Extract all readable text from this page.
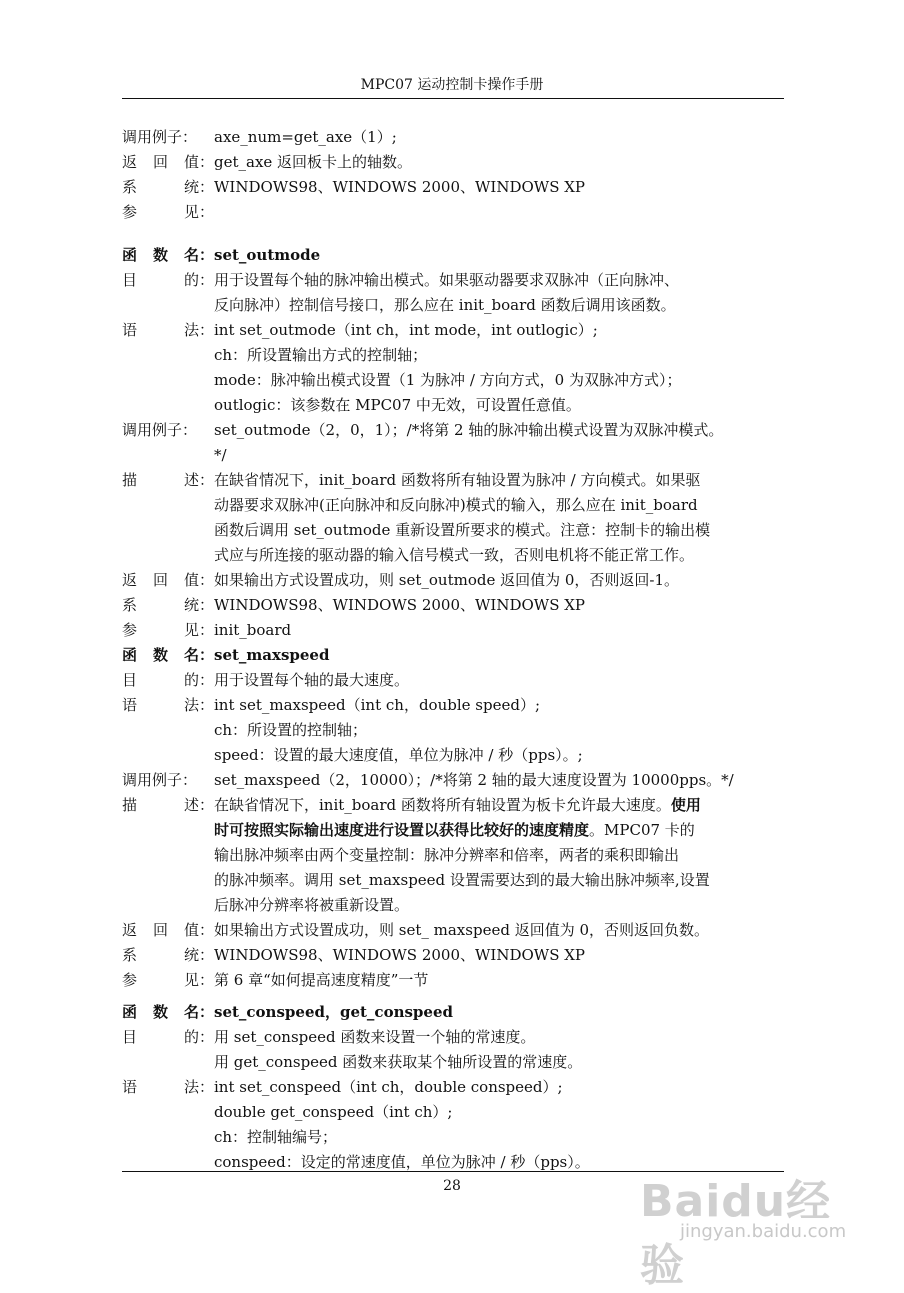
MPC07 运动控制卡操作手册
调用例子： axe_num=get_axe（1）;
返 回 值： get_axe 返回板卡上的轴数。
系	统： WINDOWS98、WINDOWS 2000、WINDOWS XP
参	见：
函 数 名： set_outmode
目	的： 用于设置每个轴的脉冲输出模式。如果驱动器要求双脉冲（正向脉冲、
反向脉冲）控制信号接口，那么应在 init_board 函数后调用该函数。
语	法： int set_outmode（int ch，int mode，int outlogic）;
ch：所设置输出方式的控制轴；
mode：脉冲输出模式设置（1 为脉冲 / 方向方式，0 为双脉冲方式）；
outlogic：该参数在 MPC07 中无效，可设置任意值。
调用例子： set_outmode（2，0，1）；/*将第 2 轴的脉冲输出模式设置为双脉冲模式。
*/
描	述： 在缺省情况下，init_board 函数将所有轴设置为脉冲 / 方向模式。如果驱
动器要求双脉冲(正向脉冲和反向脉冲)模式的输入，那么应在 init_board
函数后调用 set_outmode 重新设置所要求的模式。注意：控制卡的输出模
式应与所连接的驱动器的输入信号模式一致，否则电机将不能正常工作。
返 回 值： 如果输出方式设置成功，则 set_outmode 返回值为 0，否则返回-1。
系	统： WINDOWS98、WINDOWS 2000、WINDOWS XP
参	见： init_board
函 数 名： set_maxspeed
目	的： 用于设置每个轴的最大速度。
语	法： int set_maxspeed（int ch，double speed）;
ch：所设置的控制轴；
speed：设置的最大速度值，单位为脉冲 / 秒（pps）。;
调用例子： set_maxspeed（2，10000）；/*将第 2 轴的最大速度设置为 10000pps。*/
描	述： 在缺省情况下，init_board 函数将所有轴设置为板卡允许最大速度。使用
时可按照实际输出速度进行设置以获得比较好的速度精度。MPC07 卡的
输出脉冲频率由两个变量控制：脉冲分辨率和倍率，两者的乘积即输出
的脉冲频率。调用 set_maxspeed 设置需要达到的最大输出脉冲频率,设置
后脉冲分辨率将被重新设置。
返 回 值： 如果输出方式设置成功，则 set_ maxspeed 返回值为 0，否则返回负数。
系	统： WINDOWS98、WINDOWS 2000、WINDOWS XP
参	见： 第 6 章“如何提高速度精度”一节
函 数 名： set_conspeed，get_conspeed
目	的： 用 set_conspeed 函数来设置一个轴的常速度。
用 get_conspeed 函数来获取某个轴所设置的常速度。
语	法： int set_conspeed（int ch，double conspeed）;
double get_conspeed（int ch）;
ch：控制轴编号；
conspeed：设定的常速度值，单位为脉冲 / 秒（pps）。
28	Baidu经验
jingyan.baidu.com
